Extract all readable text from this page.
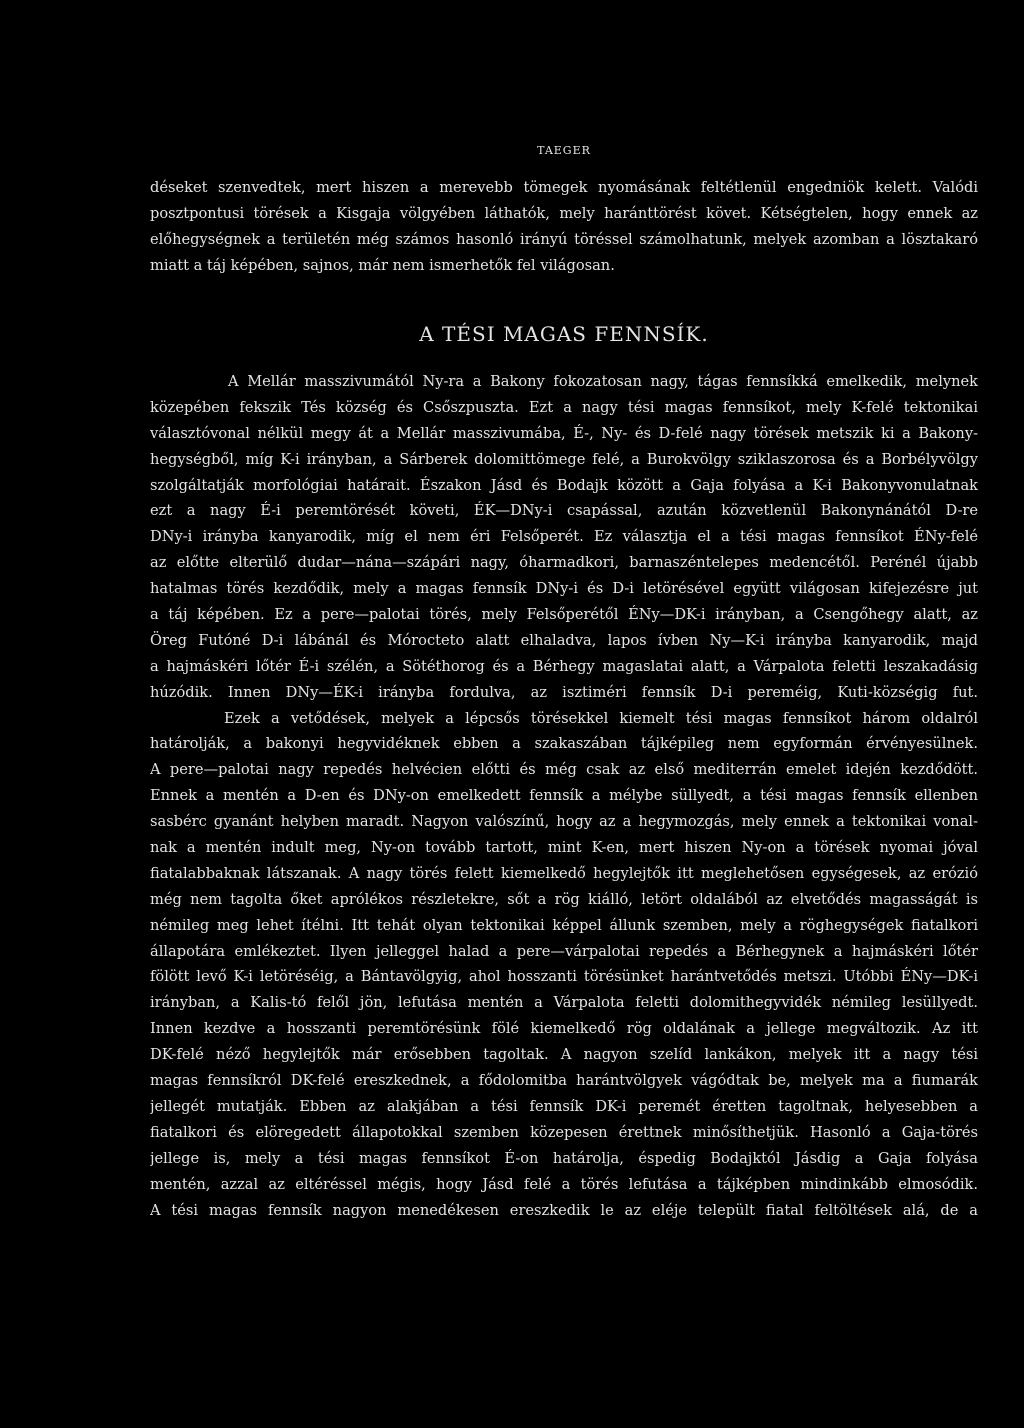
TAEGER
déseket szenvedtek, mert hiszen a merevebb tömegek nyomásának feltétlenül engedniök kelett. Valódi
posztpontusi törések a Kisgaja völgyében láthatók, mely haránttörést követ. Kétségtelen, hogy ennek az
előhegységnek a területén még számos hasonló irányú töréssel számolhatunk, melyek azomban a lösztakaró
miatt a táj képében, sajnos, már nem ismerhetők fel világosan.
A TÉSI MAGAS FENNSÍK.
A Mellár masszivumától Ny-ra a Bakony fokozatosan nagy, tágas fennsíkká emelkedik, melynek
közepében fekszik Tés község és Csőszpuszta. Ezt a nagy tési magas fennsíkot, mely K-felé tektonikai
választóvonal nélkül megy át a Mellár masszivumába, É-, Ny- és D-felé nagy törések metszik ki a Bakony-
hegységből, míg K-i irányban, a Sárberek dolomittömege felé, a Burokvölgy sziklaszorosa és a Borbélyvölgy
szolgáltatják morfológiai határait. Északon Jásd és Bodajk között a Gaja folyása a K-i Bakonyvonulatnak
ezt a nagy É-i peremtörését követi, ÉK—DNy-i csapással, azután közvetlenül Bakonynánától D-re
DNy-i irányba kanyarodik, míg el nem éri Felsőperét. Ez választja el a tési magas fennsíkot ÉNy-felé
az előtte elterülő dudar—nána—szápári nagy, óharmadkori, barnaszéntelepes medencétől. Perénél újabb
hatalmas törés kezdődik, mely a magas fennsík DNy-i és D-i letörésével együtt világosan kifejezésre jut
a táj képében. Ez a pere—palotai törés, mely Felsőperétől ÉNy—DK-i irányban, a Csengőhegy alatt, az
Öreg Futóné D-i lábánál és Mórocteto alatt elhaladva, lapos ívben Ny—K-i irányba kanyarodik, majd
a hajmáskéri lőtér É-i szélén, a Sötéthorog és a Bérhegy magaslatai alatt, a Várpalota feletti leszakadásig
húzódik. Innen DNy—ÉK-i irányba fordulva, az isztiméri fennsík D-i pereméig, Kuti-községig fut.
Ezek a vetődések, melyek a lépcsős törésekkel kiemelt tési magas fennsíkot három oldalról
határolják, a bakonyi hegyvidéknek ebben a szakaszában tájképileg nem egyformán érvényesülnek.
A pere—palotai nagy repedés helvécien előtti és még csak az első mediterrán emelet idején kezdődött.
Ennek a mentén a D-en és DNy-on emelkedett fennsík a mélybe süllyedt, a tési magas fennsík ellenben
sasbérc gyanánt helyben maradt. Nagyon valószínű, hogy az a hegymozgás, mely ennek a tektonikai vonal-
nak a mentén indult meg, Ny-on tovább tartott, mint K-en, mert hiszen Ny-on a törések nyomai jóval
fiatalabbaknak látszanak. A nagy törés felett kiemelkedő hegylejtők itt meglehetősen egységesek, az erózió
még nem tagolta őket aprólékos részletekre, sőt a rög kiálló, letört oldalából az elvetődés magasságát is
némileg meg lehet ítélni. Itt tehát olyan tektonikai képpel állunk szemben, mely a röghegységek fiatalkori
állapotára emlékeztet. Ilyen jelleggel halad a pere—várpalotai repedés a Bérhegynek a hajmáskéri lőtér
fölött levő K-i letöréséig, a Bántavölgyig, ahol hosszanti törésünket harántvetődés metszi. Utóbbi ÉNy—DK-i
irányban, a Kalis-tó felől jön, lefutása mentén a Várpalota feletti dolomithegyvidék némileg lesüllyedt.
Innen kezdve a hosszanti peremtörésünk fölé kiemelkedő rög oldalának a jellege megváltozik. Az itt
DK-felé néző hegylejtők már erősebben tagoltak. A nagyon szelíd lankákon, melyek itt a nagy tési
magas fennsíkról DK-felé ereszkednek, a fődolomitba harántvölgyek vágódtak be, melyek ma a fiumarák
jellegét mutatják. Ebben az alakjában a tési fennsík DK-i peremét éretten tagoltnak, helyesebben a
fiatalkori és elöregedett állapotokkal szemben közepesen érettnek minősíthetjük. Hasonló a Gaja-törés
jellege is, mely a tési magas fennsíkot É-on határolja, éspedig Bodajktól Jásdig a Gaja folyása
mentén, azzal az eltéréssel mégis, hogy Jásd felé a törés lefutása a tájképben mindinkább elmosódik.
A tési magas fennsík nagyon menedékesen ereszkedik le az eléje települt fiatal feltöltések alá, de a
